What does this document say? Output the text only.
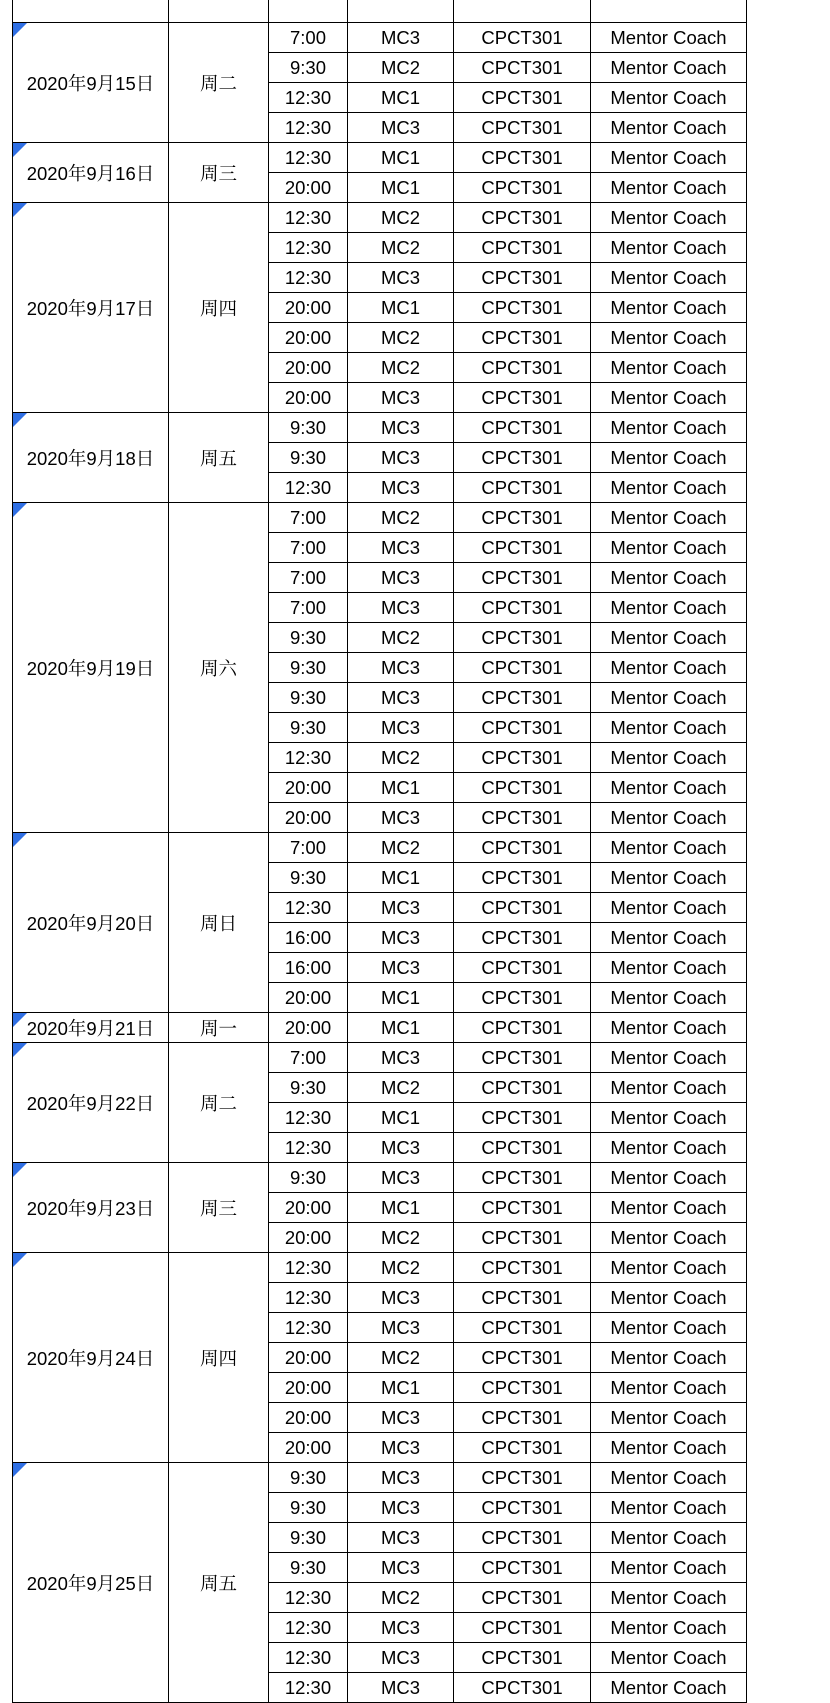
2020年9月15日	周二	7:00	MC3	CPCT301	Mentor Coach
		9:30	MC2	CPCT301	Mentor Coach
		12:30	MC1	CPCT301	Mentor Coach
		12:30	MC3	CPCT301	Mentor Coach

2020年9月16日	周三	12:30	MC1	CPCT301	Mentor Coach
		20:00	MC1	CPCT301	Mentor Coach

2020年9月17日	周四	12:30	MC2	CPCT301	Mentor Coach
		12:30	MC2	CPCT301	Mentor Coach
		12:30	MC3	CPCT301	Mentor Coach
		20:00	MC1	CPCT301	Mentor Coach
		20:00	MC2	CPCT301	Mentor Coach
		20:00	MC2	CPCT301	Mentor Coach
		20:00	MC3	CPCT301	Mentor Coach

2020年9月18日	周五	9:30	MC3	CPCT301	Mentor Coach
		9:30	MC3	CPCT301	Mentor Coach
		12:30	MC3	CPCT301	Mentor Coach

2020年9月19日	周六	7:00	MC2	CPCT301	Mentor Coach
		7:00	MC3	CPCT301	Mentor Coach
		7:00	MC3	CPCT301	Mentor Coach
		7:00	MC3	CPCT301	Mentor Coach
		9:30	MC2	CPCT301	Mentor Coach
		9:30	MC3	CPCT301	Mentor Coach
		9:30	MC3	CPCT301	Mentor Coach
		9:30	MC3	CPCT301	Mentor Coach
		12:30	MC2	CPCT301	Mentor Coach
		20:00	MC1	CPCT301	Mentor Coach
		20:00	MC3	CPCT301	Mentor Coach

2020年9月20日	周日	7:00	MC2	CPCT301	Mentor Coach
		9:30	MC1	CPCT301	Mentor Coach
		12:30	MC3	CPCT301	Mentor Coach
		16:00	MC3	CPCT301	Mentor Coach
		16:00	MC3	CPCT301	Mentor Coach
		20:00	MC1	CPCT301	Mentor Coach

2020年9月21日	周一	20:00	MC1	CPCT301	Mentor Coach

2020年9月22日	周二	7:00	MC3	CPCT301	Mentor Coach
		9:30	MC2	CPCT301	Mentor Coach
		12:30	MC1	CPCT301	Mentor Coach
		12:30	MC3	CPCT301	Mentor Coach

2020年9月23日	周三	9:30	MC3	CPCT301	Mentor Coach
		20:00	MC1	CPCT301	Mentor Coach
		20:00	MC2	CPCT301	Mentor Coach

2020年9月24日	周四	12:30	MC2	CPCT301	Mentor Coach
		12:30	MC3	CPCT301	Mentor Coach
		12:30	MC3	CPCT301	Mentor Coach
		20:00	MC2	CPCT301	Mentor Coach
		20:00	MC1	CPCT301	Mentor Coach
		20:00	MC3	CPCT301	Mentor Coach
		20:00	MC3	CPCT301	Mentor Coach

2020年9月25日	周五	9:30	MC3	CPCT301	Mentor Coach
		9:30	MC3	CPCT301	Mentor Coach
		9:30	MC3	CPCT301	Mentor Coach
		9:30	MC3	CPCT301	Mentor Coach
		12:30	MC2	CPCT301	Mentor Coach
		12:30	MC3	CPCT301	Mentor Coach
		12:30	MC3	CPCT301	Mentor Coach
		12:30	MC3	CPCT301	Mentor Coach
